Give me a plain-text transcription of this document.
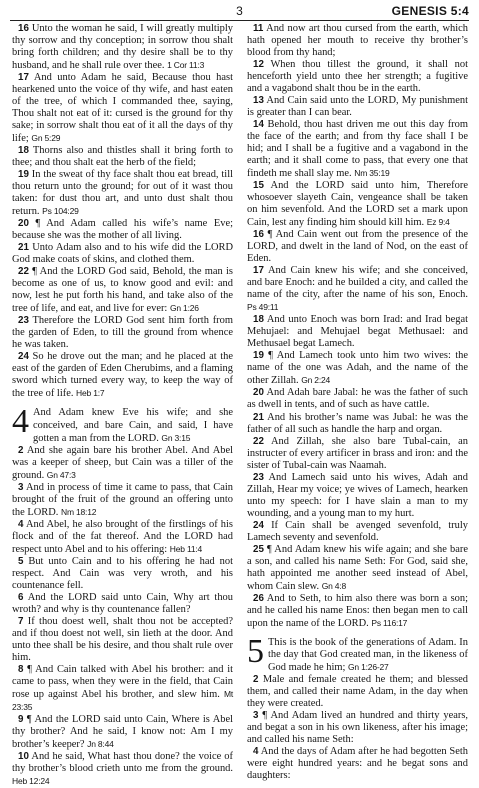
3	GENESIS 5:4

16 Unto the woman he said, I will greatly multiply thy sorrow and thy conception; in sorrow thou shalt bring forth children; and thy desire shall be to thy husband, and he shall rule over thee. 1 Cor 11:3

17 And unto Adam he said, Because thou hast hearkened unto the voice of thy wife, and hast eaten of the tree, of which I commanded thee, saying, Thou shalt not eat of it: cursed is the ground for thy sake; in sorrow shalt thou eat of it all the days of thy life; Gn 5:29

18 Thorns also and thistles shall it bring forth to thee; and thou shalt eat the herb of the field;

19 In the sweat of thy face shalt thou eat bread, till thou return unto the ground; for out of it wast thou taken: for dust thou art, and unto dust shalt thou return. Ps 104:29

20 ¶ And Adam called his wife’s name Eve; because she was the mother of all living.

21 Unto Adam also and to his wife did the LORD God make coats of skins, and clothed them.

22 ¶ And the LORD God said, Behold, the man is become as one of us, to know good and evil: and now, lest he put forth his hand, and take also of the tree of life, and eat, and live for ever: Gn 1:26

23 Therefore the LORD God sent him forth from the garden of Eden, to till the ground from whence he was taken.

24 So he drove out the man; and he placed at the east of the garden of Eden Cherubims, and a flaming sword which turned every way, to keep the way of the tree of life. Heb 1:7

4 And Adam knew Eve his wife; and she conceived, and bare Cain, and said, I have gotten a man from the LORD. Gn 3:15

2 And she again bare his brother Abel. And Abel was a keeper of sheep, but Cain was a tiller of the ground. Gn 47:3

3 And in process of time it came to pass, that Cain brought of the fruit of the ground an offering unto the LORD. Nm 18:12

4 And Abel, he also brought of the firstlings of his flock and of the fat thereof. And the LORD had respect unto Abel and to his offering: Heb 11:4

5 But unto Cain and to his offering he had not respect. And Cain was very wroth, and his countenance fell.

6 And the LORD said unto Cain, Why art thou wroth? and why is thy countenance fallen?

7 If thou doest well, shalt thou not be accepted? and if thou doest not well, sin lieth at the door. And unto thee shall be his desire, and thou shalt rule over him.

8 ¶ And Cain talked with Abel his brother: and it came to pass, when they were in the field, that Cain rose up against Abel his brother, and slew him. Mt 23:35

9 ¶ And the LORD said unto Cain, Where is Abel thy brother? And he said, I know not: Am I my brother’s keeper? Jn 8:44

10 And he said, What hast thou done? the voice of thy brother’s blood crieth unto me from the ground. Heb 12:24

11 And now art thou cursed from the earth, which hath opened her mouth to receive thy brother’s blood from thy hand;

12 When thou tillest the ground, it shall not henceforth yield unto thee her strength; a fugitive and a vagabond shalt thou be in the earth.

13 And Cain said unto the LORD, My punishment is greater than I can bear.

14 Behold, thou hast driven me out this day from the face of the earth; and from thy face shall I be hid; and I shall be a fugitive and a vagabond in the earth; and it shall come to pass, that every one that findeth me shall slay me. Nm 35:19

15 And the LORD said unto him, Therefore whosoever slayeth Cain, vengeance shall be taken on him sevenfold. And the LORD set a mark upon Cain, lest any finding him should kill him. Ez 9:4

16 ¶ And Cain went out from the presence of the LORD, and dwelt in the land of Nod, on the east of Eden.

17 And Cain knew his wife; and she conceived, and bare Enoch: and he builded a city, and called the name of the city, after the name of his son, Enoch. Ps 49:11

18 And unto Enoch was born Irad: and Irad begat Mehujael: and Mehujael begat Methusael: and Methusael begat Lamech.

19 ¶ And Lamech took unto him two wives: the name of the one was Adah, and the name of the other Zillah. Gn 2:24

20 And Adah bare Jabal: he was the father of such as dwell in tents, and of such as have cattle.

21 And his brother’s name was Jubal: he was the father of all such as handle the harp and organ.

22 And Zillah, she also bare Tubal-cain, an instructer of every artificer in brass and iron: and the sister of Tubal-cain was Naamah.

23 And Lamech said unto his wives, Adah and Zillah, Hear my voice; ye wives of Lamech, hearken unto my speech: for I have slain a man to my wounding, and a young man to my hurt.

24 If Cain shall be avenged sevenfold, truly Lamech seventy and sevenfold.

25 ¶ And Adam knew his wife again; and she bare a son, and called his name Seth: For God, said she, hath appointed me another seed instead of Abel, whom Cain slew. Gn 4:8

26 And to Seth, to him also there was born a son; and he called his name Enos: then began men to call upon the name of the LORD. Ps 116:17

5 This is the book of the generations of Adam. In the day that God created man, in the likeness of God made he him; Gn 1:26-27

2 Male and female created he them; and blessed them, and called their name Adam, in the day when they were created.

3 ¶ And Adam lived an hundred and thirty years, and begat a son in his own likeness, after his image; and called his name Seth:

4 And the days of Adam after he had begotten Seth were eight hundred years: and he begat sons and daughters:
